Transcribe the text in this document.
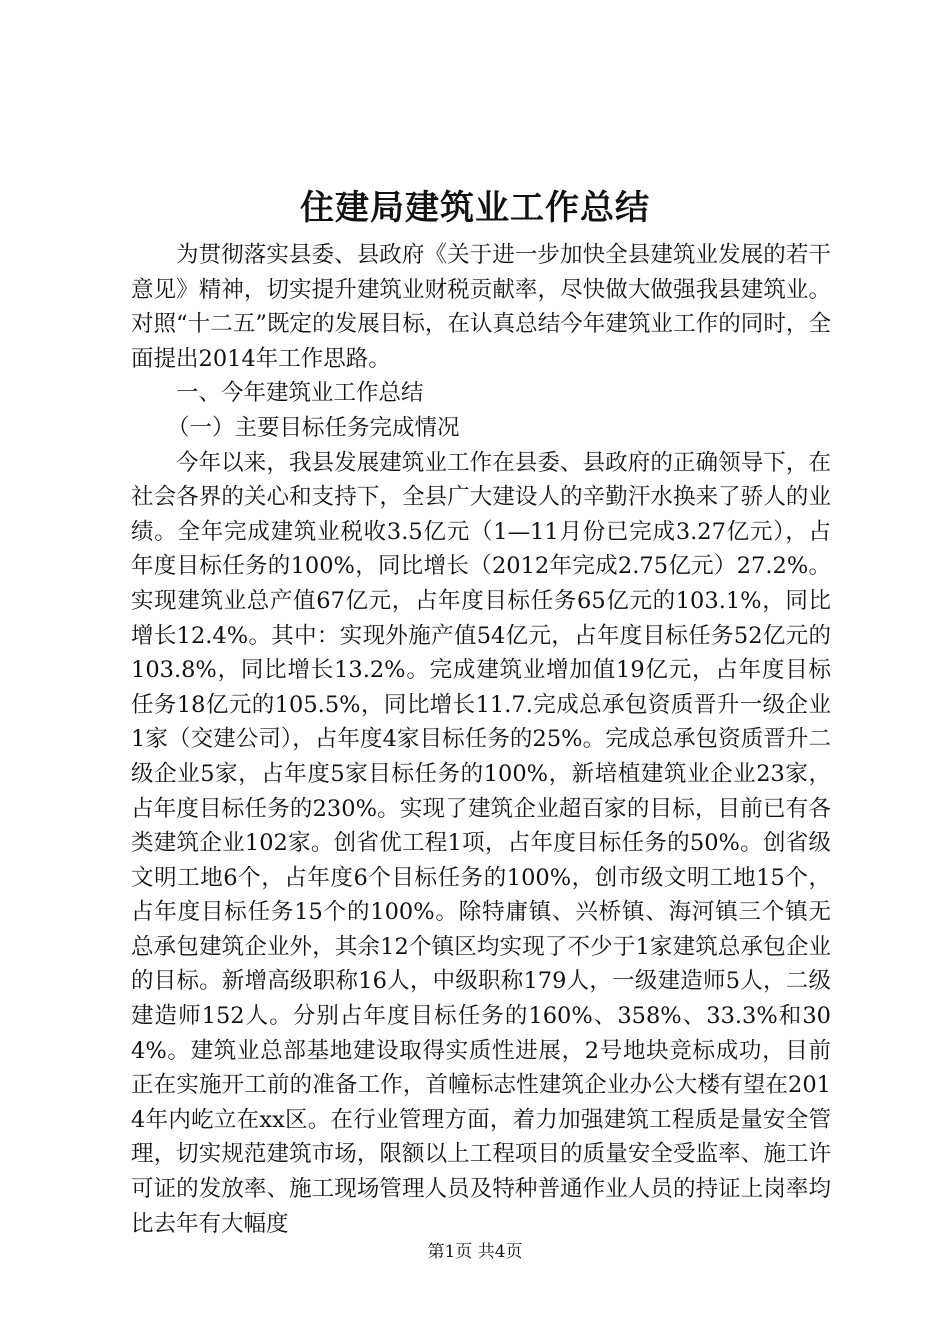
住建局建筑业工作总结

为贯彻落实县委、县政府《关于进一步加快全县建筑业发展的若干意见》精神，切实提升建筑业财税贡献率，尽快做大做强我县建筑业。对照“十二五”既定的发展目标，在认真总结今年建筑业工作的同时，全面提出2014年工作思路。

一、今年建筑业工作总结

（一）主要目标任务完成情况

今年以来，我县发展建筑业工作在县委、县政府的正确领导下，在社会各界的关心和支持下，全县广大建设人的辛勤汗水换来了骄人的业绩。全年完成建筑业税收3.5亿元（1—11月份已完成3.27亿元），占年度目标任务的100%，同比增长（2012年完成2.75亿元）27.2%。实现建筑业总产值67亿元，占年度目标任务65亿元的103.1%，同比增长12.4%。其中：实现外施产值54亿元，占年度目标任务52亿元的103.8%，同比增长13.2%。完成建筑业增加值19亿元，占年度目标任务18亿元的105.5%，同比增长11.7.完成总承包资质晋升一级企业1家（交建公司），占年度4家目标任务的25%。完成总承包资质晋升二级企业5家，占年度5家目标任务的100%，新培植建筑业企业23家，占年度目标任务的230%。实现了建筑企业超百家的目标，目前已有各类建筑企业102家。创省优工程1项，占年度目标任务的50%。创省级文明工地6个，占年度6个目标任务的100%，创市级文明工地15个，占年度目标任务15个的100%。除特庸镇、兴桥镇、海河镇三个镇无总承包建筑企业外，其余12个镇区均实现了不少于1家建筑总承包企业的目标。新增高级职称16人，中级职称179人，一级建造师5人，二级建造师152人。分别占年度目标任务的160%、358%、33.3%和304%。建筑业总部基地建设取得实质性进展，2号地块竞标成功，目前正在实施开工前的准备工作，首幢标志性建筑企业办公大楼有望在2014年内屹立在xx区。在行业管理方面，着力加强建筑工程质是量安全管理，切实规范建筑市场，限额以上工程项目的质量安全受监率、施工许可证的发放率、施工现场管理人员及特种普通作业人员的持证上岗率均比去年有大幅度

第1页 共4页
